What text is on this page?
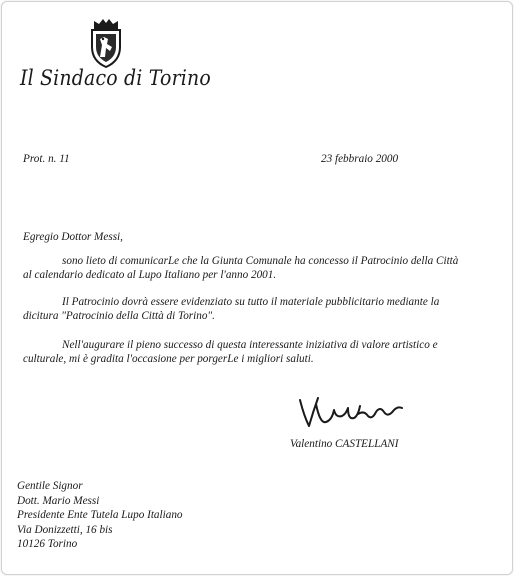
Il Sindaco di Torino
Prot. n. 11	23 febbraio 2000
Egregio Dottor Messi,
sono lieto di comunicarLe che la Giunta Comunale ha concesso il Patrocinio della Città
al calendario dedicato al Lupo Italiano per l'anno 2001.
Il Patrocinio dovrà essere evidenziato su tutto il materiale pubblicitario mediante la
dicitura "Patrocinio della Città di Torino".
Nell'augurare il pieno successo di questa interessante iniziativa di valore artistico e
culturale, mi è gradita l'occasione per porgerLe i migliori saluti.
Valentino CASTELLANI
Gentile Signor
Dott. Mario Messi
Presidente Ente Tutela Lupo Italiano
Via Donizzetti, 16 bis
10126 Torino
